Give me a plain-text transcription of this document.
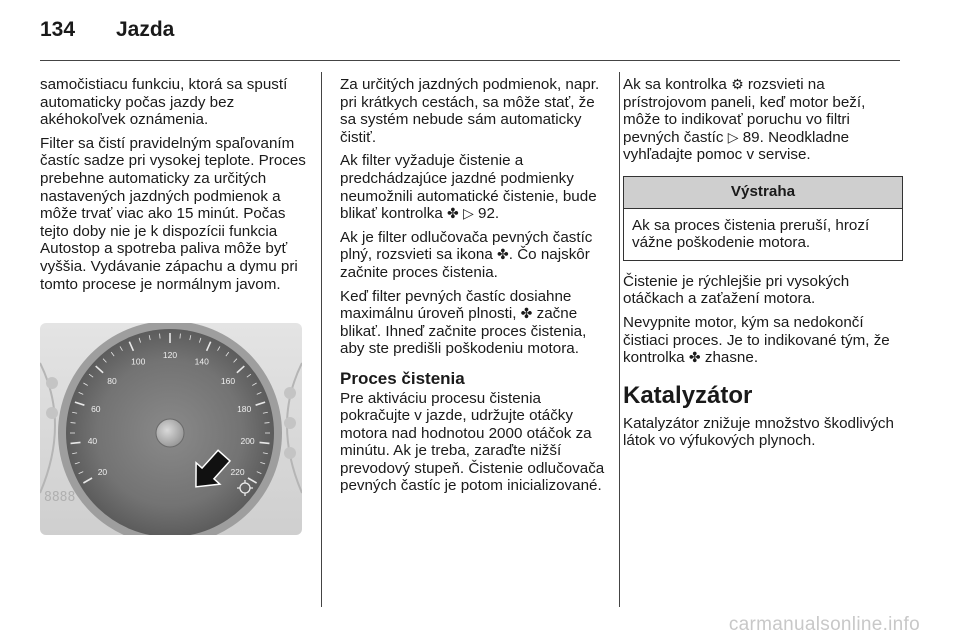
134 Jazda

samočistiacu funkciu, ktorá sa spustí automaticky počas jazdy bez akéhokoľvek oznámenia.

Filter sa čistí pravidelným spaľovaním častíc sadze pri vysokej teplote. Proces prebehne automaticky za určitých nastavených jazdných podmienok a môže trvať viac ako 15 minút. Počas tejto doby nie je k dispozícii funkcia Autostop a spotreba paliva môže byť vyššia. Vydávanie zápachu a dymu pri tomto procese je normálnym javom.

8888
20
40
60
80
100
120
140
160
180
200
220

Za určitých jazdných podmienok, napr. pri krátkych cestách, sa môže stať, že sa systém nebude sám automaticky čistiť.

Ak filter vyžaduje čistenie a predchádzajúce jazdné podmienky neumožnili automatické čistenie, bude blikať kontrolka ✤ ▷ 92.

Ak je filter odlučovača pevných častíc plný, rozsvieti sa ikona ✤. Čo najskôr začnite proces čistenia.

Keď filter pevných častíc dosiahne maximálnu úroveň plnosti, ✤ začne blikať. Ihneď začnite proces čistenia, aby ste predišli poškodeniu motora.

Proces čistenia

Pre aktiváciu procesu čistenia pokračujte v jazde, udržujte otáčky motora nad hodnotou 2000 otáčok za minútu. Ak je treba, zaraďte nižší prevodový stupeň. Čistenie odlučovača pevných častíc je potom inicializované.

Ak sa kontrolka ⚙ rozsvieti na prístrojovom paneli, keď motor beží, môže to indikovať poruchu vo filtri pevných častíc ▷ 89. Neodkladne vyhľadajte pomoc v servise.

Výstraha
Ak sa proces čistenia preruší, hrozí vážne poškodenie motora.

Čistenie je rýchlejšie pri vysokých otáčkach a zaťažení motora.

Nevypnite motor, kým sa nedokončí čistiaci proces. Je to indikované tým, že kontrolka ✤ zhasne.

Katalyzátor

Katalyzátor znižuje množstvo škodlivých látok vo výfukových plynoch.

carmanualsonline.info
